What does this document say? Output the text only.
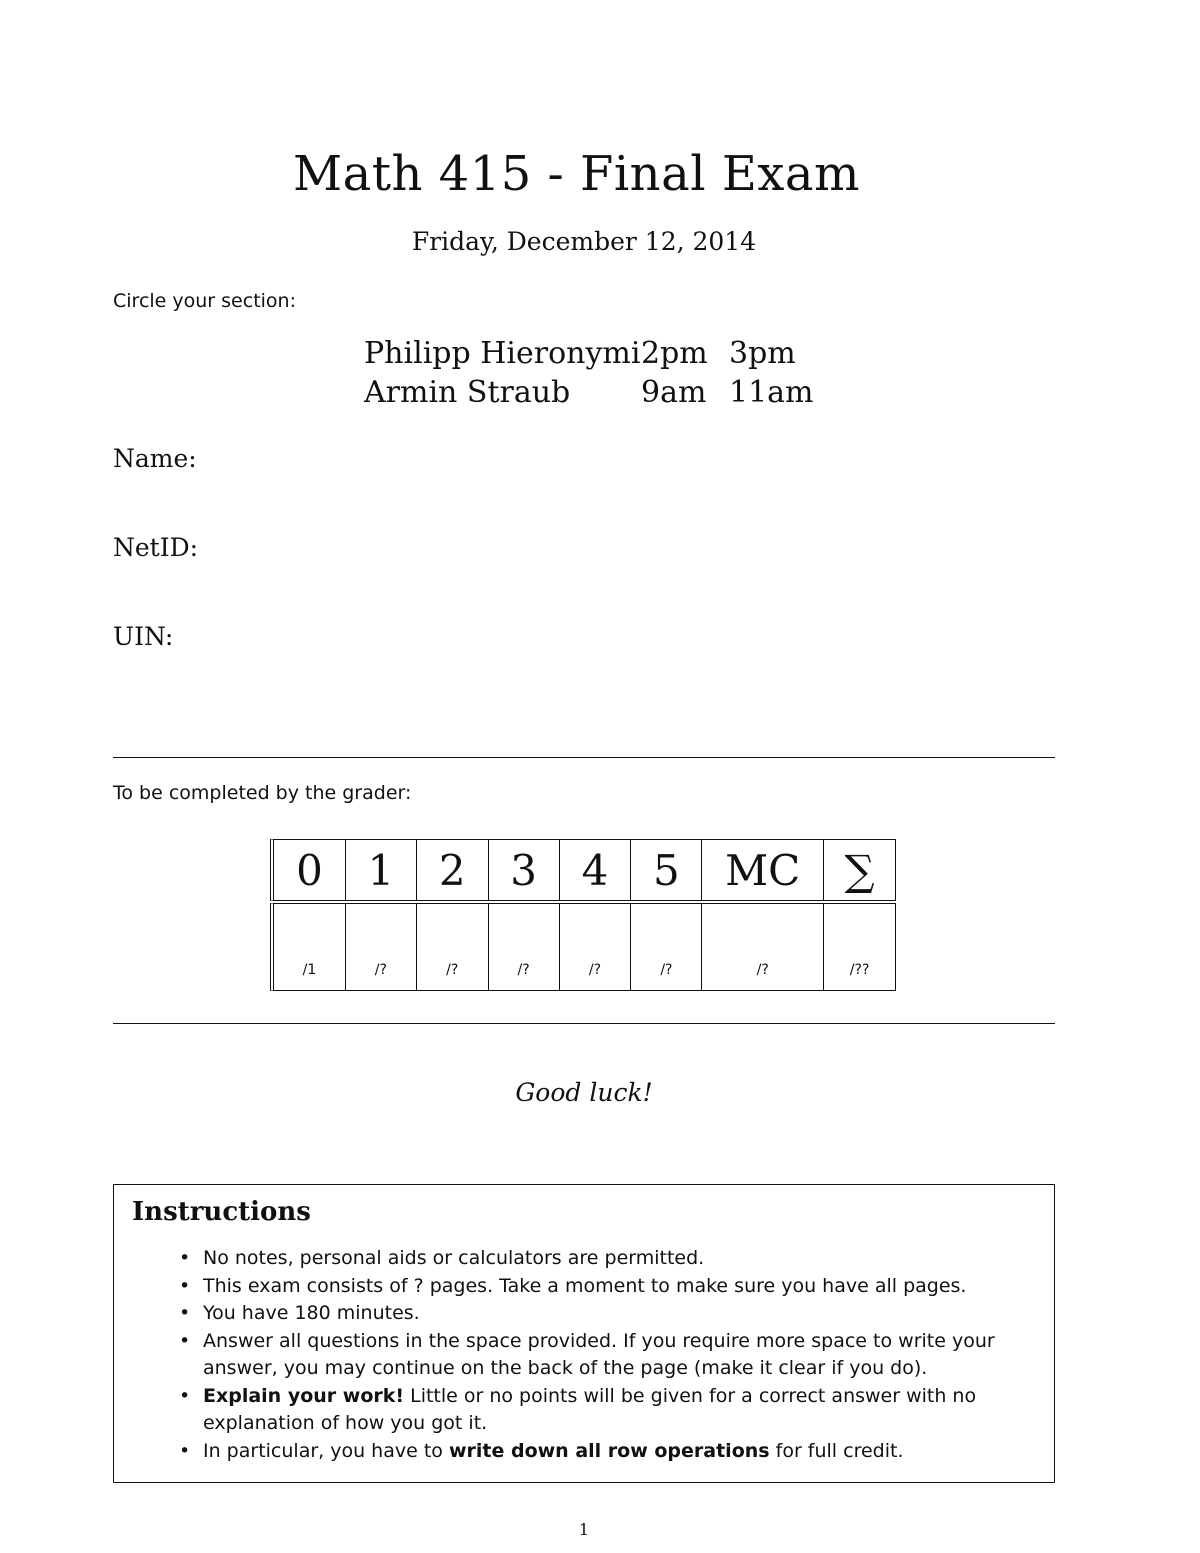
Math 415 - Final Exam
Friday, December 12, 2014
Circle your section:
Philipp Hieronymi 2pm 3pm
Armin Straub	9am 11am
Name:
NetID:
UIN:
To be completed by the grader:
0	1	2	3	4	5	MC	∑
/1	/?	/?	/?	/?	/?	/?	/??
Good luck!
Instructions
• No notes, personal aids or calculators are permitted.
• This exam consists of ? pages. Take a moment to make sure you have all pages.
• You have 180 minutes.
• Answer all questions in the space provided. If you require more space to write your answer, you may continue on the back of the page (make it clear if you do).
• Explain your work! Little or no points will be given for a correct answer with no explanation of how you got it.
• In particular, you have to write down all row operations for full credit.
1
